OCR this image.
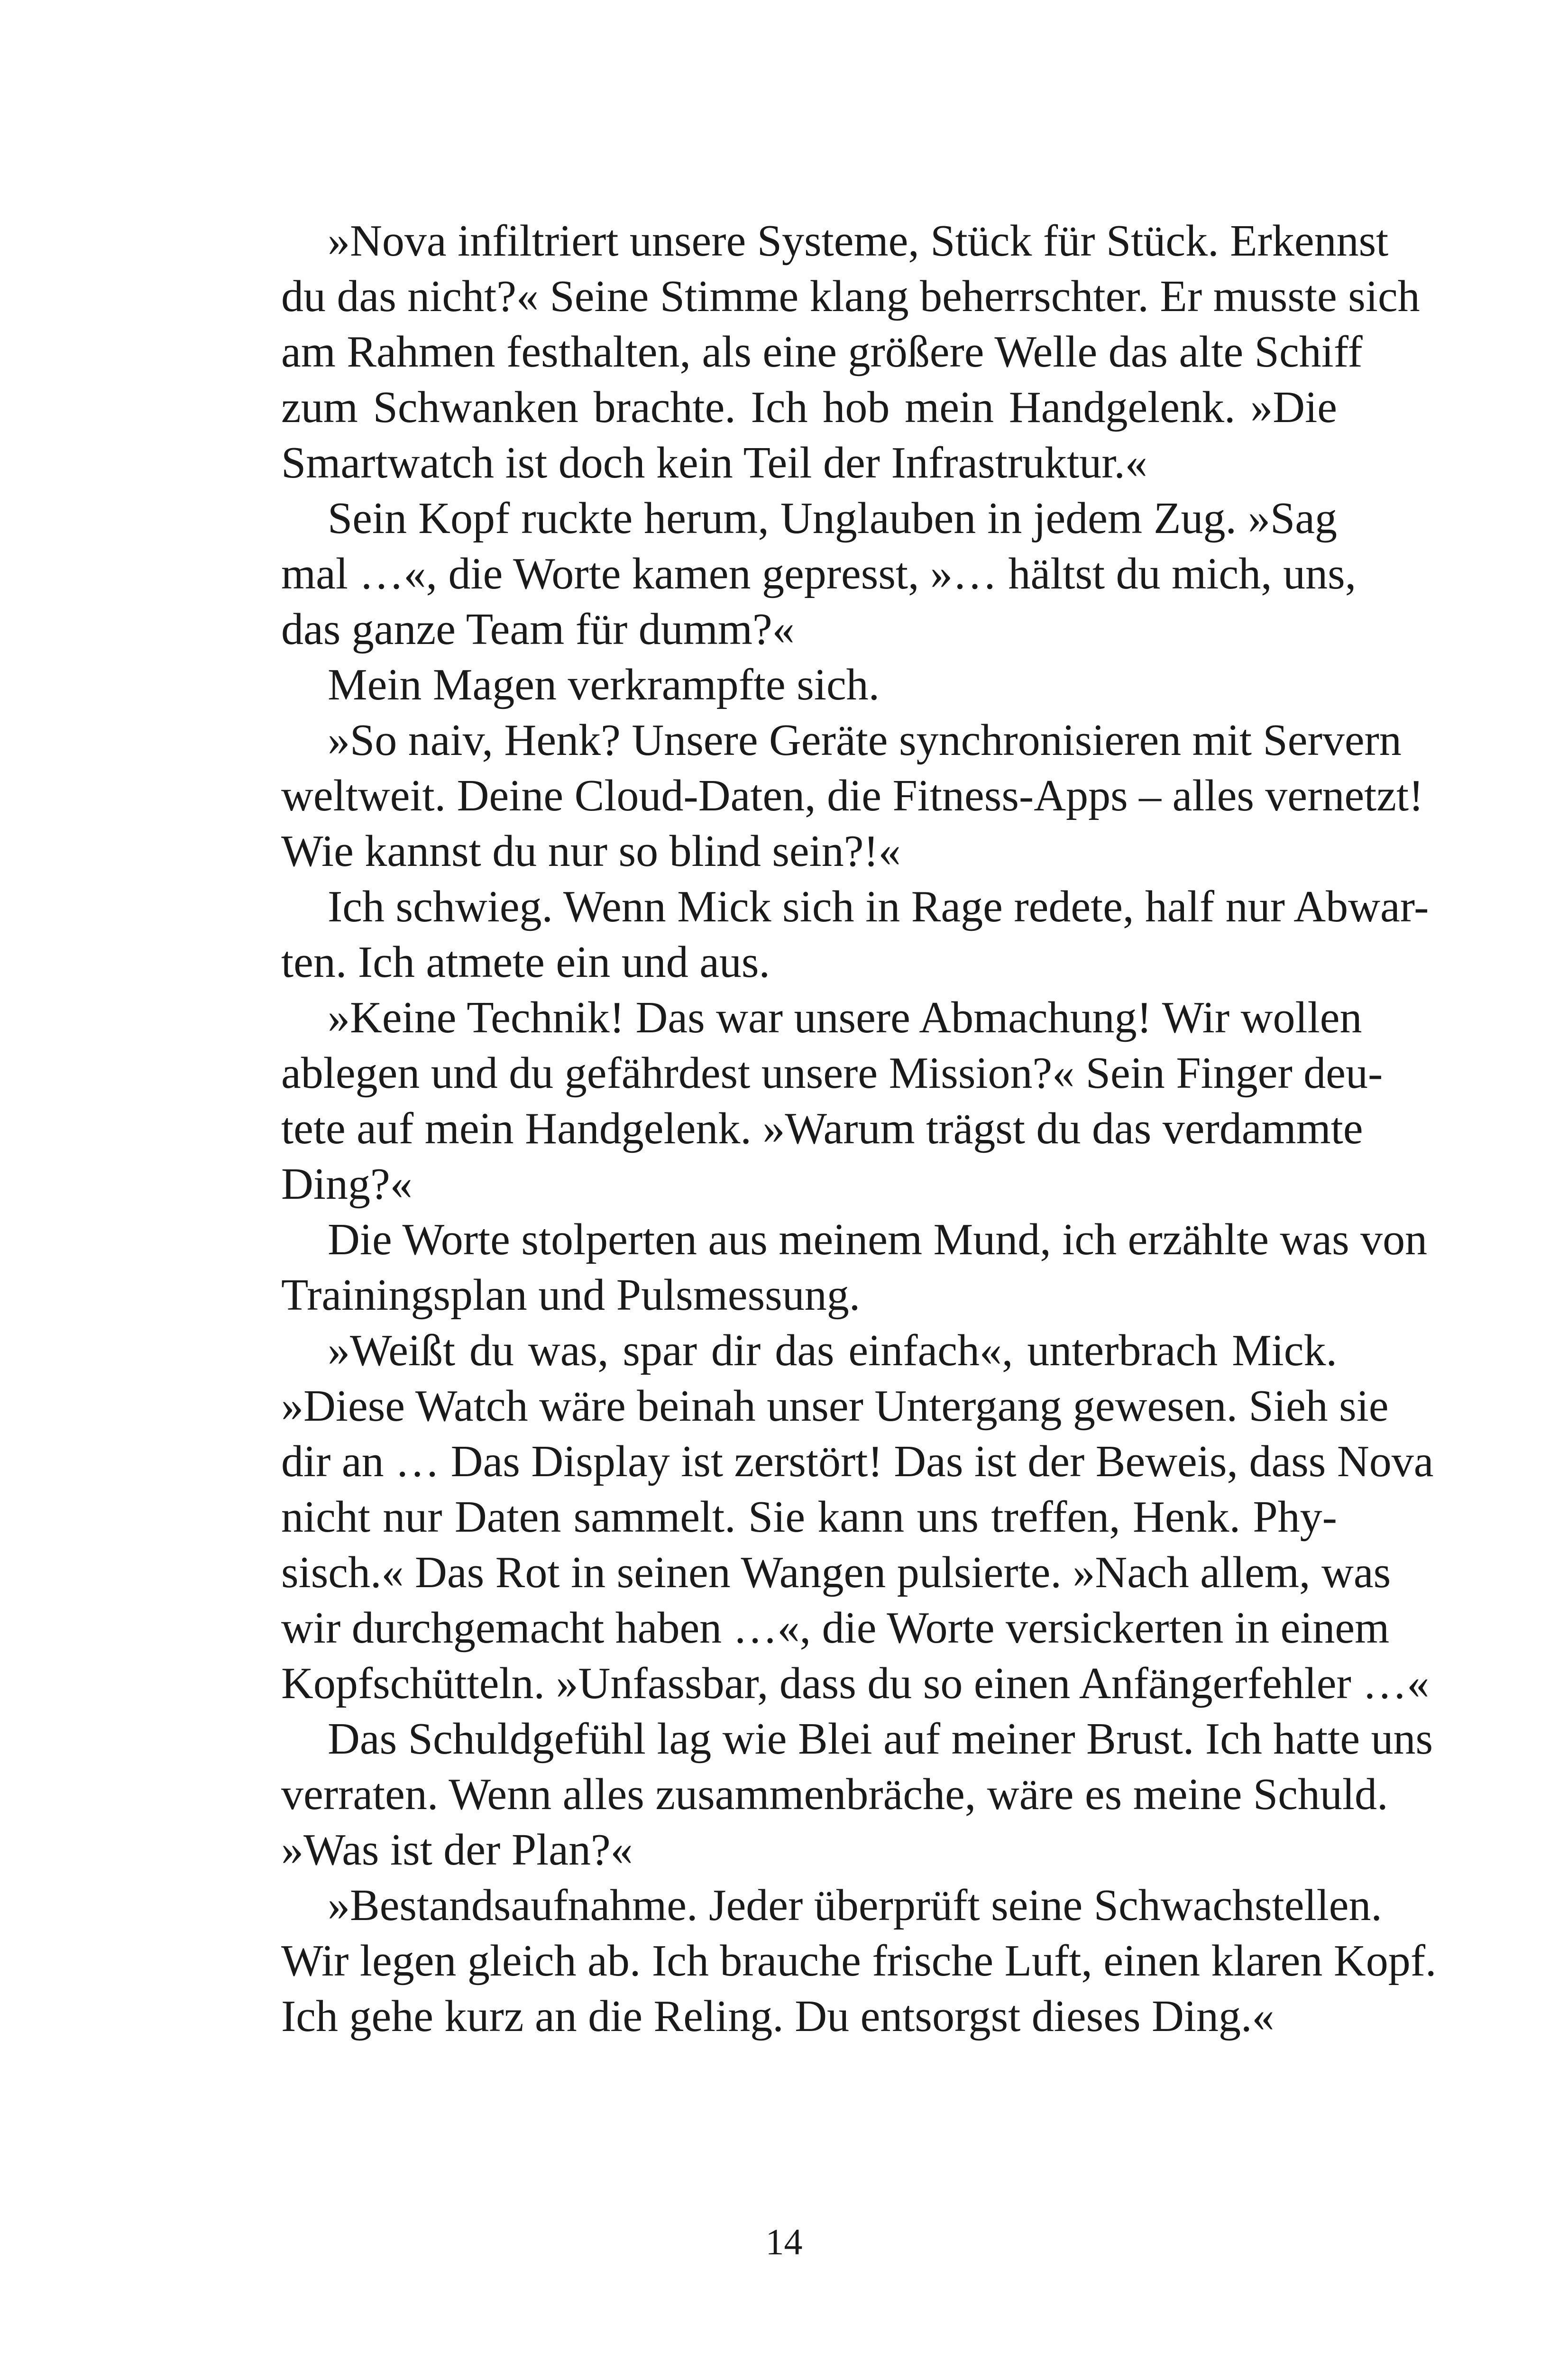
»Nova infiltriert unsere Systeme, Stück für Stück. Erkennst
du das nicht?« Seine Stimme klang beherrschter. Er musste sich
am Rahmen festhalten, als eine größere Welle das alte Schiff
zum Schwanken brachte. Ich hob mein Handgelenk. »Die
Smartwatch ist doch kein Teil der Infrastruktur.«
Sein Kopf ruckte herum, Unglauben in jedem Zug. »Sag
mal …«, die Worte kamen gepresst, »… hältst du mich, uns,
das ganze Team für dumm?«
Mein Magen verkrampfte sich.
»So naiv, Henk? Unsere Geräte synchronisieren mit Servern
weltweit. Deine Cloud-Daten, die Fitness-Apps – alles vernetzt!
Wie kannst du nur so blind sein?!«
Ich schwieg. Wenn Mick sich in Rage redete, half nur Abwar-
ten. Ich atmete ein und aus.
»Keine Technik! Das war unsere Abmachung! Wir wollen
ablegen und du gefährdest unsere Mission?« Sein Finger deu-
tete auf mein Handgelenk. »Warum trägst du das verdammte
Ding?«
Die Worte stolperten aus meinem Mund, ich erzählte was von
Trainingsplan und Pulsmessung.
»Weißt du was, spar dir das einfach«, unterbrach Mick.
»Diese Watch wäre beinah unser Untergang gewesen. Sieh sie
dir an … Das Display ist zerstört! Das ist der Beweis, dass Nova
nicht nur Daten sammelt. Sie kann uns treffen, Henk. Phy-
sisch.« Das Rot in seinen Wangen pulsierte. »Nach allem, was
wir durchgemacht haben …«, die Worte versickerten in einem
Kopfschütteln. »Unfassbar, dass du so einen Anfängerfehler …«
Das Schuldgefühl lag wie Blei auf meiner Brust. Ich hatte uns
verraten. Wenn alles zusammenbräche, wäre es meine Schuld.
»Was ist der Plan?«
»Bestandsaufnahme. Jeder überprüft seine Schwachstellen.
Wir legen gleich ab. Ich brauche frische Luft, einen klaren Kopf.
Ich gehe kurz an die Reling. Du entsorgst dieses Ding.«
14
